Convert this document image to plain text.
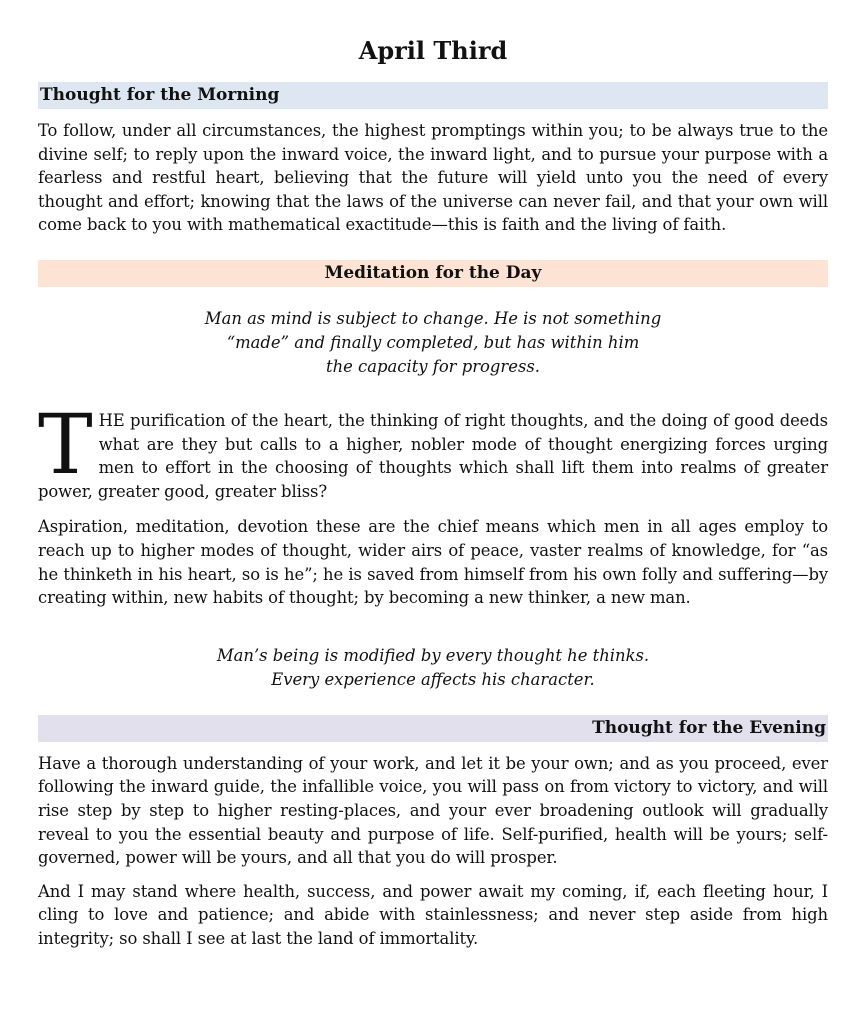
April Third
Thought for the Morning

To follow, under all circumstances, the highest promptings within you; to be always true to the divine self; to reply upon the inward voice, the inward light, and to pursue your purpose with a fearless and restful heart, believing that the future will yield unto you the need of every thought and effort; knowing that the laws of the universe can never fail, and that your own will come back to you with mathematical exactitude—this is faith and the living of faith.

Meditation for the Day
Man as mind is subject to change. He is not something
“made” and finally completed, but has within him
the capacity for progress.

THE purification of the heart, the thinking of right thoughts, and the doing of good deeds what are they but calls to a higher, nobler mode of thought energizing forces urging men to effort in the choosing of thoughts which shall lift them into realms of greater power, greater good, greater bliss?

Aspiration, meditation, devotion these are the chief means which men in all ages employ to reach up to higher modes of thought, wider airs of peace, vaster realms of knowledge, for “as he thinketh in his heart, so is he”; he is saved from himself from his own folly and suffering—by creating within, new habits of thought; by becoming a new thinker, a new man.

Man’s being is modified by every thought he thinks.
Every experience affects his character.
Thought for the Evening

Have a thorough understanding of your work, and let it be your own; and as you proceed, ever following the inward guide, the infallible voice, you will pass on from victory to victory, and will rise step by step to higher resting-places, and your ever broadening outlook will gradually reveal to you the essential beauty and purpose of life. Self-purified, health will be yours; self-governed, power will be yours, and all that you do will prosper.

And I may stand where health, success, and power await my coming, if, each fleeting hour, I cling to love and patience; and abide with stainlessness; and never step aside from high integrity; so shall I see at last the land of immortality.
